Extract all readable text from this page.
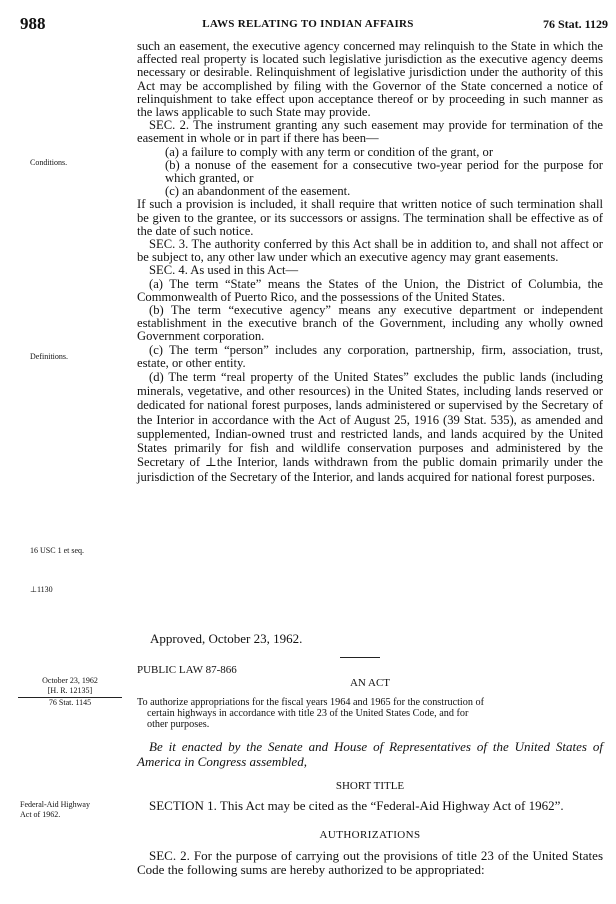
988	LAWS RELATING TO INDIAN AFFAIRS	76 Stat. 1129
Conditions.
Definitions.
16 USC 1 et seq.
⊥1130
October 23, 1962
[H. R. 12135]
76 Stat. 1145
Federal-Aid Highway
Act of 1962.

such an easement, the executive agency concerned may relinquish to the State in which the affected real property is located such legislative jurisdiction as the executive agency deems necessary or desirable. Relinquishment of legislative jurisdiction under the authority of this Act may be accomplished by filing with the Governor of the State concerned a notice of relinquishment to take effect upon acceptance thereof or by proceeding in such manner as the laws applicable to such State may provide.

SEC. 2. The instrument granting any such easement may provide for termination of the easement in whole or in part if there has been—

(a) a failure to comply with any term or condition of the grant, or

(b) a nonuse of the easement for a consecutive two-year period for the purpose for which granted, or

(c) an abandonment of the easement.

If such a provision is included, it shall require that written notice of such termination shall be given to the grantee, or its successors or assigns. The termination shall be effective as of the date of such notice.

SEC. 3. The authority conferred by this Act shall be in addition to, and shall not affect or be subject to, any other law under which an executive agency may grant easements.

SEC. 4. As used in this Act—

(a) The term “State” means the States of the Union, the District of Columbia, the Commonwealth of Puerto Rico, and the possessions of the United States.

(b) The term “executive agency” means any executive department or independent establishment in the executive branch of the Government, including any wholly owned Government corporation.

(c) The term “person” includes any corporation, partnership, firm, association, trust, estate, or other entity.

(d) The term “real property of the United States” excludes the public lands (including minerals, vegetative, and other resources) in the United States, including lands reserved or dedicated for national forest purposes, lands administered or supervised by the Secretary of the Interior in accordance with the Act of August 25, 1916 (39 Stat. 535), as amended and supplemented, Indian-owned trust and restricted lands, and lands acquired by the United States primarily for fish and wildlife conservation purposes and administered by the Secretary of ⊥the Interior, lands withdrawn from the public domain primarily under the jurisdiction of the Secretary of the Interior, and lands acquired for national forest purposes.

Approved, October 23, 1962.
PUBLIC LAW 87-866
AN ACT
To authorize appropriations for the fiscal years 1964 and 1965 for the construction of
certain highways in accordance with title 23 of the United States Code, and for
other purposes.
Be it enacted by the Senate and House of Representatives of the United States of America in Congress assembled,
SHORT TITLE
SECTION 1. This Act may be cited as the “Federal-Aid Highway Act of 1962”.
AUTHORIZATIONS
SEC. 2. For the purpose of carrying out the provisions of title 23 of the United States Code the following sums are hereby authorized to be appropriated:
